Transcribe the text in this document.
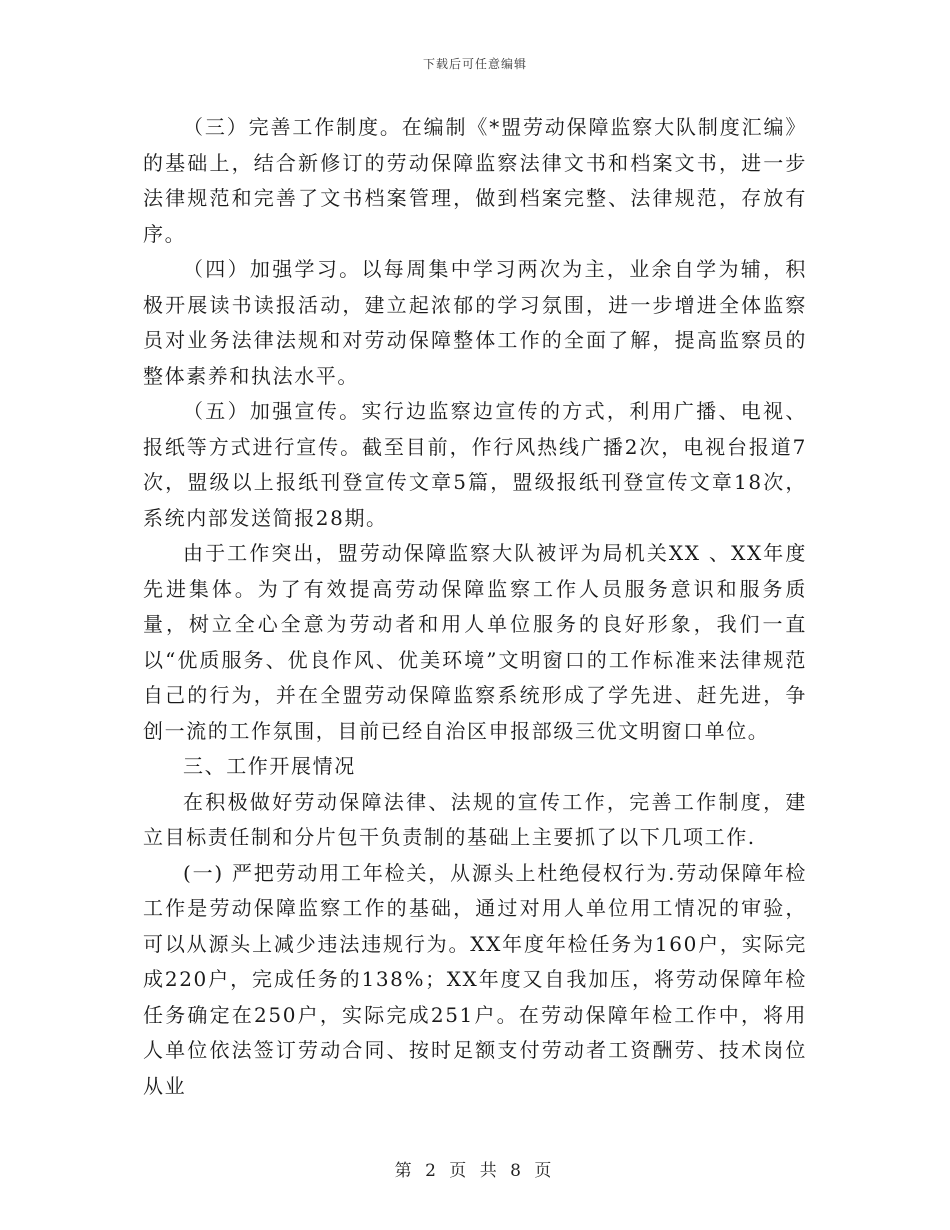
下载后可任意编辑

（三）完善工作制度。在编制《*盟劳动保障监察大队制度汇编》的基础上，结合新修订的劳动保障监察法律文书和档案文书，进一步法律规范和完善了文书档案管理，做到档案完整、法律规范，存放有序。

（四）加强学习。以每周集中学习两次为主，业余自学为辅，积极开展读书读报活动，建立起浓郁的学习氛围，进一步增进全体监察员对业务法律法规和对劳动保障整体工作的全面了解，提高监察员的整体素养和执法水平。

（五）加强宣传。实行边监察边宣传的方式，利用广播、电视、报纸等方式进行宣传。截至目前，作行风热线广播2次，电视台报道7次，盟级以上报纸刊登宣传文章5篇，盟级报纸刊登宣传文章18次，系统内部发送简报28期。

由于工作突出，盟劳动保障监察大队被评为局机关XX 、XX年度先进集体。为了有效提高劳动保障监察工作人员服务意识和服务质量，树立全心全意为劳动者和用人单位服务的良好形象，我们一直以“优质服务、优良作风、优美环境”文明窗口的工作标准来法律规范自己的行为，并在全盟劳动保障监察系统形成了学先进、赶先进，争创一流的工作氛围，目前已经自治区申报部级三优文明窗口单位。

三、工作开展情况

在积极做好劳动保障法律、法规的宣传工作，完善工作制度，建立目标责任制和分片包干负责制的基础上主要抓了以下几项工作.

(一) 严把劳动用工年检关，从源头上杜绝侵权行为.劳动保障年检工作是劳动保障监察工作的基础，通过对用人单位用工情况的审验，可以从源头上减少违法违规行为。XX年度年检任务为160户，实际完成220户，完成任务的138%；XX年度又自我加压，将劳动保障年检任务确定在250户，实际完成251户。在劳动保障年检工作中，将用人单位依法签订劳动合同、按时足额支付劳动者工资酬劳、技术岗位从业

第 2 页 共 8 页
